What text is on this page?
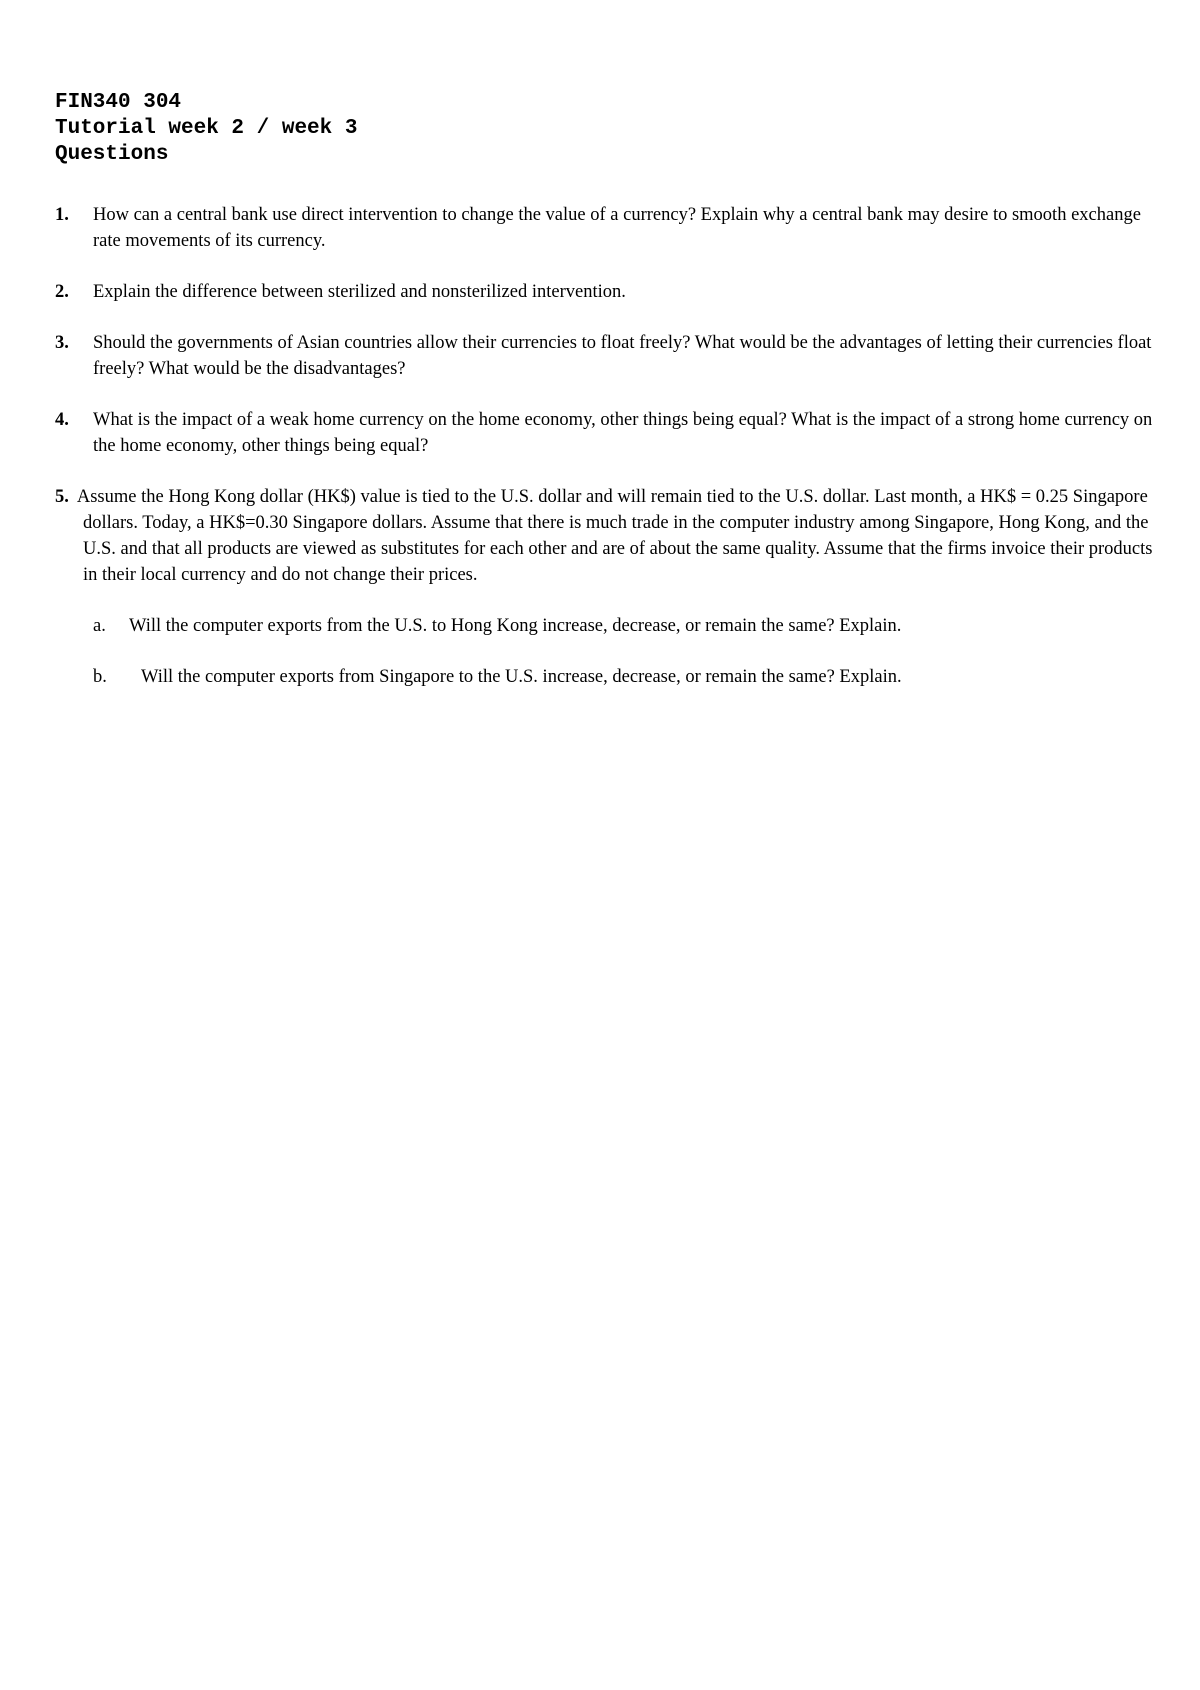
FIN340 304
Tutorial week 2 / week 3
Questions
1. How can a central bank use direct intervention to change the value of a currency? Explain why a central bank may desire to smooth exchange rate movements of its currency.
2. Explain the difference between sterilized and nonsterilized intervention.
3. Should the governments of Asian countries allow their currencies to float freely? What would be the advantages of letting their currencies float freely? What would be the disadvantages?
4. What is the impact of a weak home currency on the home economy, other things being equal? What is the impact of a strong home currency on the home economy, other things being equal?
5. Assume the Hong Kong dollar (HK$) value is tied to the U.S. dollar and will remain tied to the U.S. dollar. Last month, a HK$ = 0.25 Singapore dollars. Today, a HK$=0.30 Singapore dollars. Assume that there is much trade in the computer industry among Singapore, Hong Kong, and the U.S. and that all products are viewed as substitutes for each other and are of about the same quality. Assume that the firms invoice their products in their local currency and do not change their prices.
a. Will the computer exports from the U.S. to Hong Kong increase, decrease, or remain the same? Explain.
b. Will the computer exports from Singapore to the U.S. increase, decrease, or remain the same? Explain.
